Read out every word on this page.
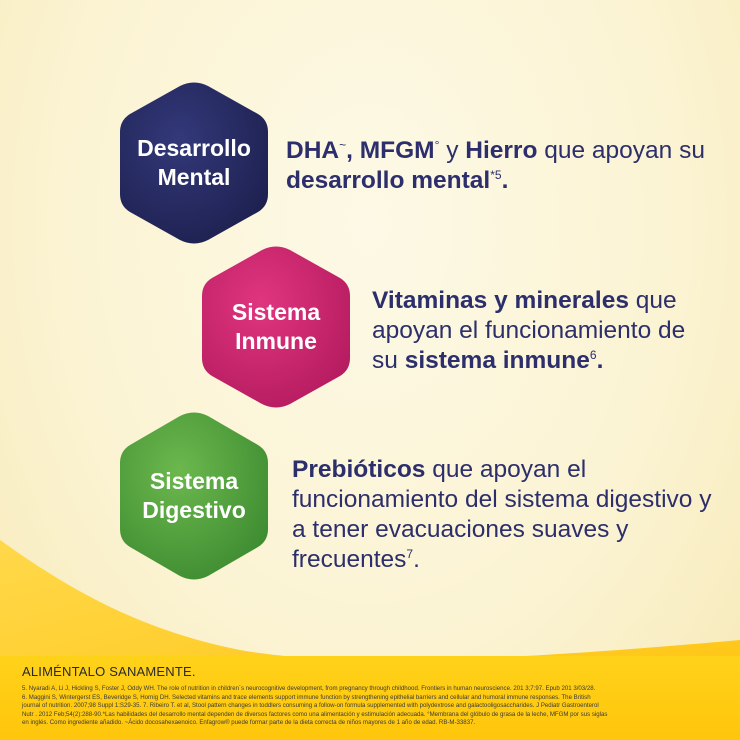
Desarrollo
Mental
Sistema
Inmune
Sistema
Digestivo

DHA~, MFGM° y Hierro que apoyan su desarrollo mental$^{*5}$.

Vitaminas y minerales que apoyan el funcionamiento de su sistema inmune$^6$.

Prebióticos que apoyan el funcionamiento del sistema digestivo y a tener evacuaciones suaves y frecuentes$^7$.

ALIMÉNTALO SANAMENTE.
5. Nyaradi A, Li J, Hickling S, Foster J, Oddy WH. The role of nutrition in children´s neurocognitive development, from pregnancy through childhood. Frontiers in human neuroscience. 201 3;7:97. Epub 201 3/03/28.
6. Maggini S, Wintergerst ES, Beveridge S, Hornig DH. Selected vitamins and trace elements support immune function by strengthening epithelial barriers and cellular and humoral immune responses. The British
journal of nutrition. 2007;98 Suppl 1:S29-35. 7. Ribeiro T. et al, Stool pattern changes in toddlers consuming a follow-on formula supplemented with polydextrose and galactooligosaccharides. J Pediatr Gastroenterol
Nutr . 2012 Feb;54(2):288-90.*Las habilidades del desarrollo mental dependen de diversos factores como una alimentación y estimulación adecuada. °Membrana del glóbulo de grasa de la leche, MFGM por sus siglas
en inglés. Como ingrediente añadido. ~Ácido docosahexaenoico. Enfagrow® puede formar parte de la dieta correcta de niños mayores de 1 año de edad. RB-M-33837.
